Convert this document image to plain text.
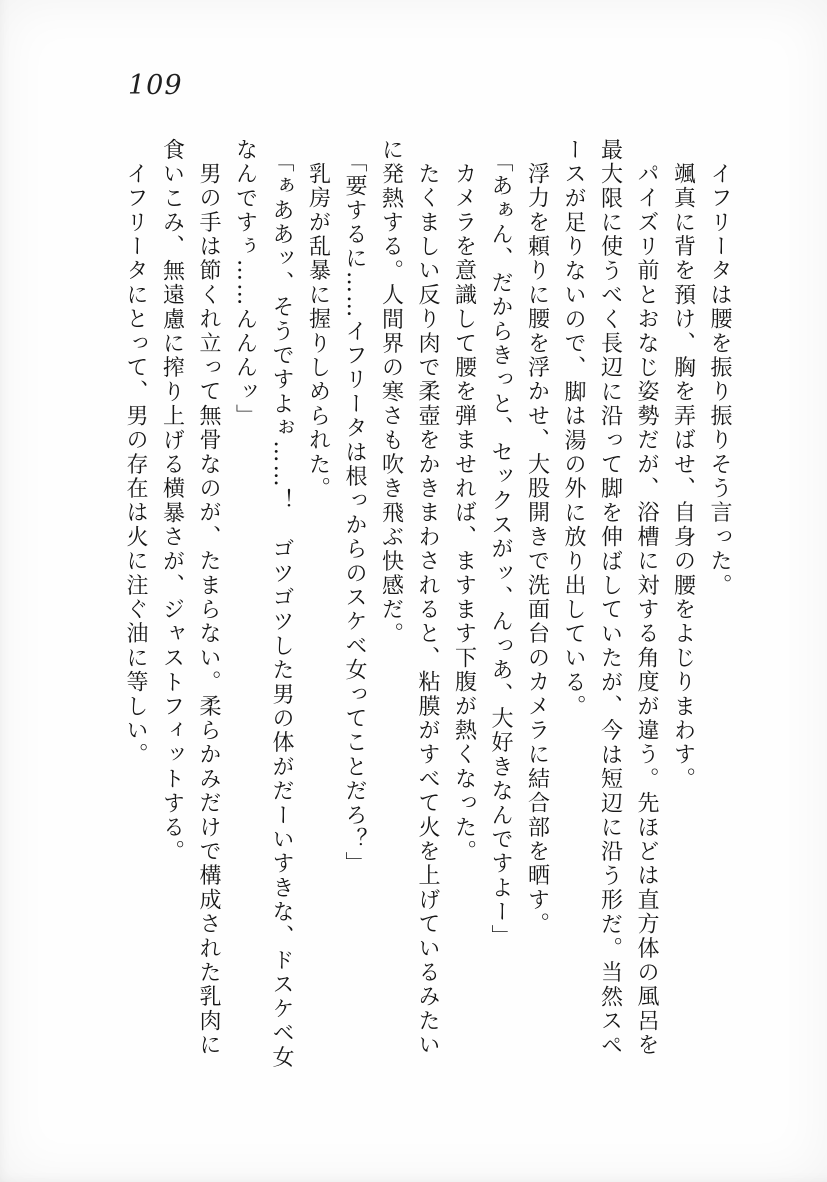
109
イフリータは腰を振り振りそう言った。
颯真に背を預け、胸を弄ばせ、自身の腰をよじりまわす。
パイズリ前とおなじ姿勢だが、浴槽に対する角度が違う。先ほどは直方体の風呂を
最大限に使うべく長辺に沿って脚を伸ばしていたが、今は短辺に沿う形だ。当然スペ
ースが足りないので、脚は湯の外に放り出している。
浮力を頼りに腰を浮かせ、大股開きで洗面台のカメラに結合部を晒す。
「あぁん、だからきっと、セックスがッ、んっあ、大好きなんですよー」
カメラを意識して腰を弾ませれば、ますます下腹が熱くなった。
たくましい反り肉で柔壺をかきまわされると、粘膜がすべて火を上げているみたい
に発熱する。人間界の寒さも吹き飛ぶ快感だ。
「要するに……イフリータは根っからのスケベ女ってことだろ？」
乳房が乱暴に握りしめられた。
「ぁああッ、そうですよぉ……！　ゴツゴツした男の体がだーいすきな、ドスケベ女
なんですぅ……んんんッ」
男の手は節くれ立って無骨なのが、たまらない。柔らかみだけで構成された乳肉に
食いこみ、無遠慮に搾り上げる横暴さが、ジャストフィットする。
イフリータにとって、男の存在は火に注ぐ油に等しい。
